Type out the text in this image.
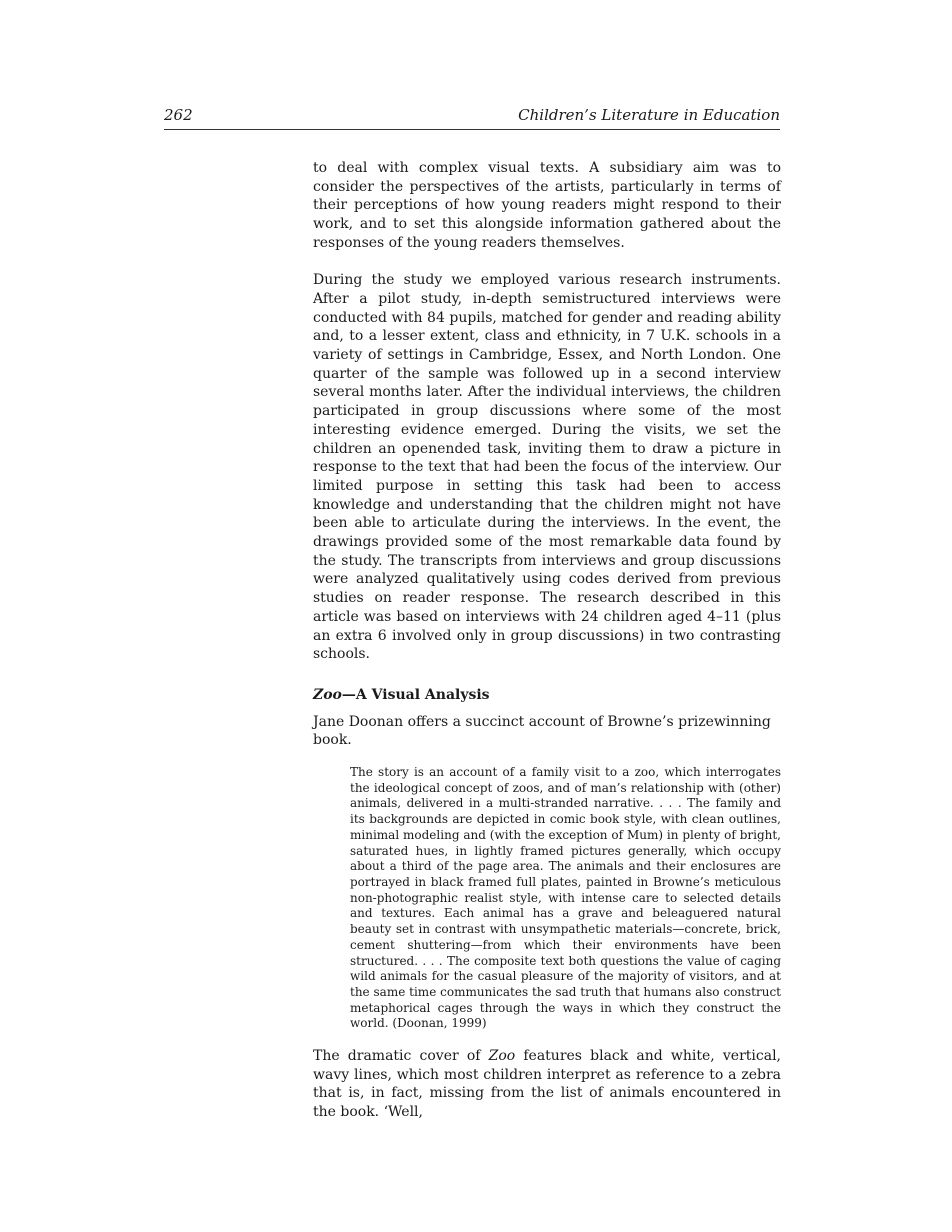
262	Children’s Literature in Education

to deal with complex visual texts. A subsidiary aim was to consider the perspectives of the artists, particularly in terms of their perceptions of how young readers might respond to their work, and to set this alongside information gathered about the responses of the young readers themselves.

During the study we employed various research instruments. After a pilot study, in-depth semistructured interviews were conducted with 84 pupils, matched for gender and reading ability and, to a lesser extent, class and ethnicity, in 7 U.K. schools in a variety of settings in Cambridge, Essex, and North London. One quarter of the sample was followed up in a second interview several months later. After the individual interviews, the children participated in group discussions where some of the most interesting evidence emerged. During the visits, we set the children an openended task, inviting them to draw a picture in response to the text that had been the focus of the interview. Our limited purpose in setting this task had been to access knowledge and understanding that the children might not have been able to articulate during the interviews. In the event, the drawings provided some of the most remarkable data found by the study. The transcripts from interviews and group discussions were analyzed qualitatively using codes derived from previous studies on reader response. The research described in this article was based on interviews with 24 children aged 4–11 (plus an extra 6 involved only in group discussions) in two contrasting schools.

Zoo—A Visual Analysis

Jane Doonan offers a succinct account of Browne’s prizewinning book.

The story is an account of a family visit to a zoo, which interrogates the ideological concept of zoos, and of man’s relationship with (other) animals, delivered in a multi-stranded narrative. . . . The family and its backgrounds are depicted in comic book style, with clean outlines, minimal modeling and (with the exception of Mum) in plenty of bright, saturated hues, in lightly framed pictures generally, which occupy about a third of the page area. The animals and their enclosures are portrayed in black framed full plates, painted in Browne’s meticulous non-photographic realist style, with intense care to selected details and textures. Each animal has a grave and beleaguered natural beauty set in contrast with unsympathetic materials—concrete, brick, cement shuttering—from which their environments have been structured. . . . The composite text both questions the value of caging wild animals for the casual pleasure of the majority of visitors, and at the same time communicates the sad truth that humans also construct metaphorical cages through the ways in which they construct the world. (Doonan, 1999)

The dramatic cover of Zoo features black and white, vertical, wavy lines, which most children interpret as reference to a zebra that is, in fact, missing from the list of animals encountered in the book. ‘Well,
